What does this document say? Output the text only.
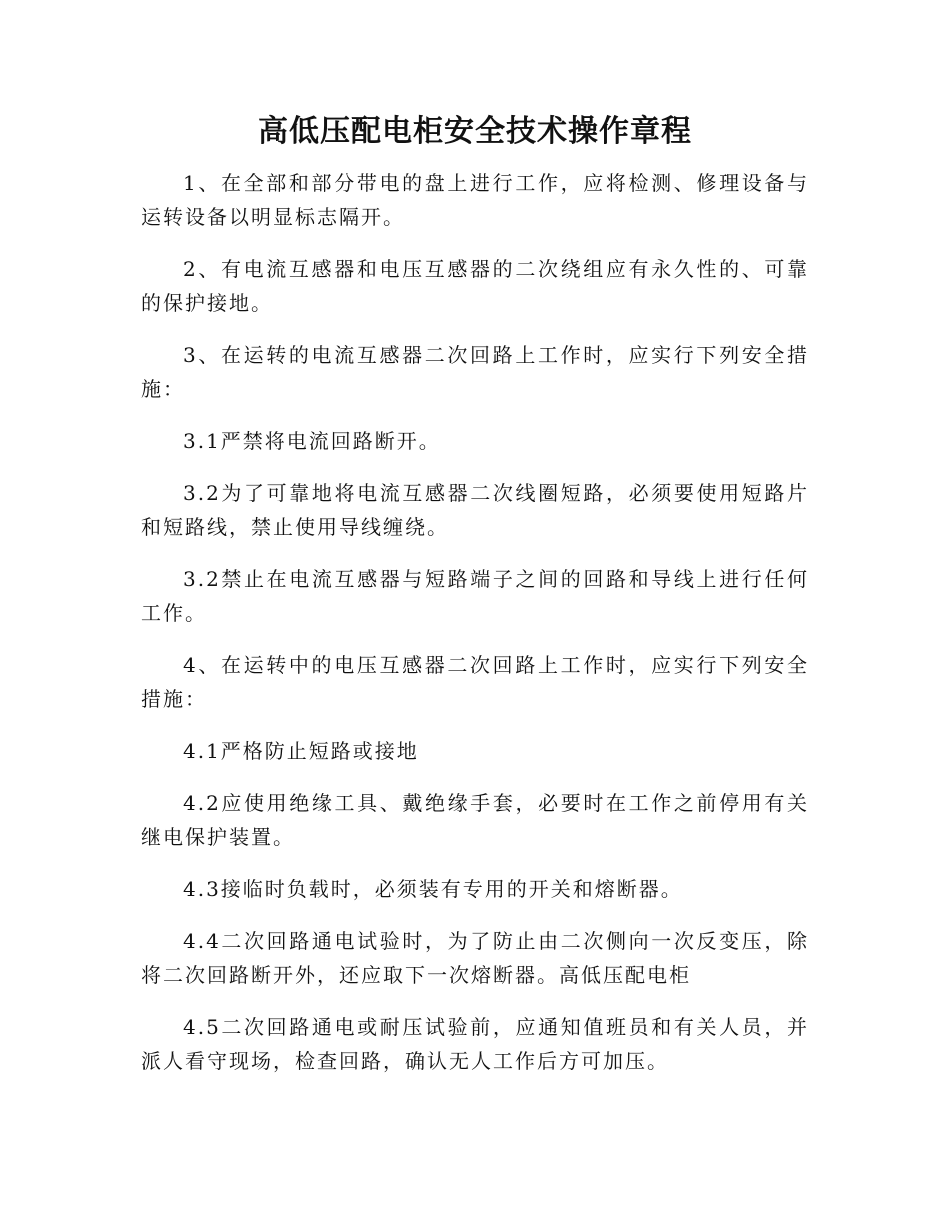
高低压配电柜安全技术操作章程

1、在全部和部分带电的盘上进行工作，应将检测、修理设备与运转设备以明显标志隔开。

2、有电流互感器和电压互感器的二次绕组应有永久性的、可靠的保护接地。

3、在运转的电流互感器二次回路上工作时，应实行下列安全措施：

3.1严禁将电流回路断开。

3.2为了可靠地将电流互感器二次线圈短路，必须要使用短路片和短路线，禁止使用导线缠绕。

3.2禁止在电流互感器与短路端子之间的回路和导线上进行任何工作。

4、在运转中的电压互感器二次回路上工作时，应实行下列安全措施：

4.1严格防止短路或接地

4.2应使用绝缘工具、戴绝缘手套，必要时在工作之前停用有关继电保护装置。

4.3接临时负载时，必须装有专用的开关和熔断器。

4.4二次回路通电试验时，为了防止由二次侧向一次反变压，除将二次回路断开外，还应取下一次熔断器。高低压配电柜

4.5二次回路通电或耐压试验前，应通知值班员和有关人员，并派人看守现场，检查回路，确认无人工作后方可加压。
